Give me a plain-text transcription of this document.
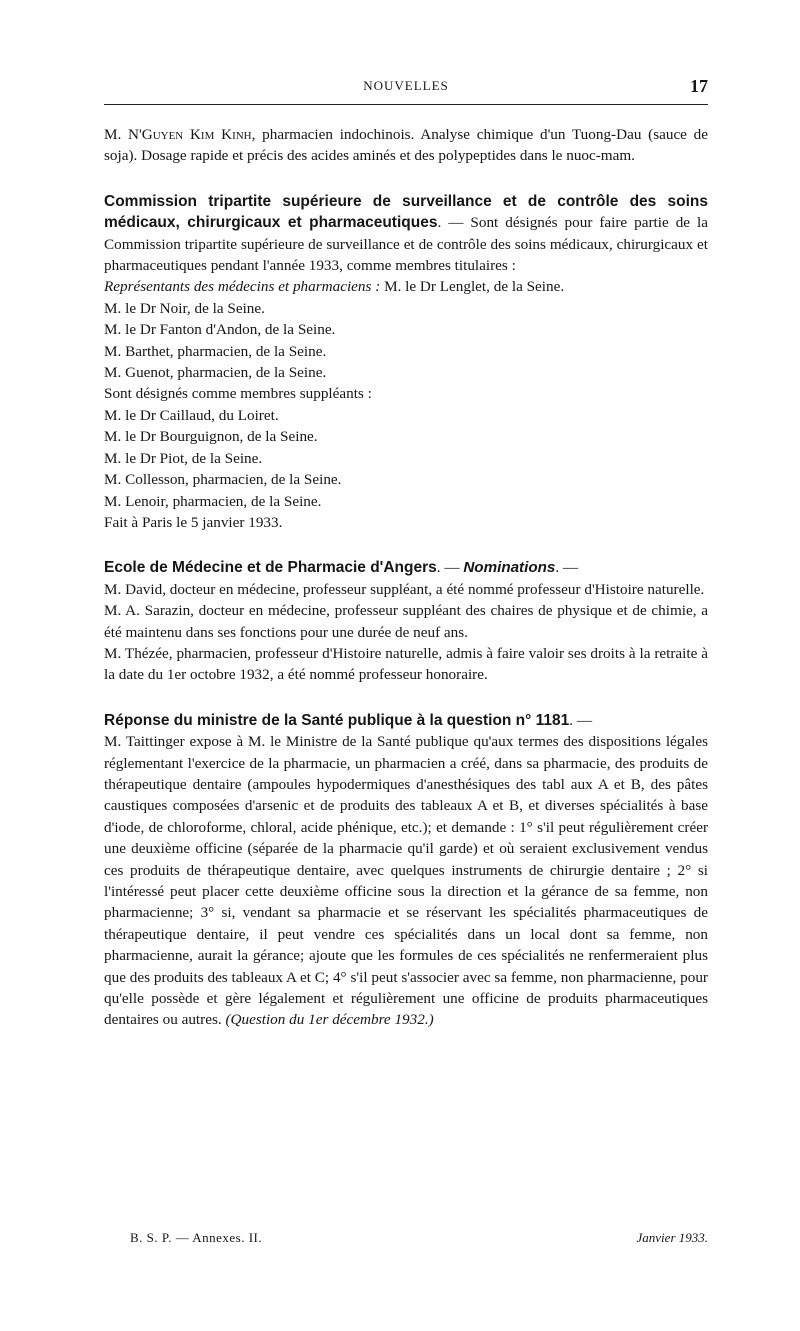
NOUVELLES	17

M. N'Guyen Kim Kinh, pharmacien indochinois. Analyse chimique d'un Tuong-Dau (sauce de soja). Dosage rapide et précis des acides aminés et des polypeptides dans le nuoc-mam.

Commission tripartite supérieure de surveillance et de contrôle des soins médicaux, chirurgicaux et pharmaceutiques. — Sont désignés pour faire partie de la Commission tripartite supérieure de surveillance et de contrôle des soins médicaux, chirurgicaux et pharmaceutiques pendant l'année 1933, comme membres titulaires :

Représentants des médecins et pharmaciens : M. le Dr Lenglet, de la Seine.

M. le Dr Noir, de la Seine.

M. le Dr Fanton d'Andon, de la Seine.

M. Barthet, pharmacien, de la Seine.

M. Guenot, pharmacien, de la Seine.

Sont désignés comme membres suppléants :

M. le Dr Caillaud, du Loiret.

M. le Dr Bourguignon, de la Seine.

M. le Dr Piot, de la Seine.

M. Collesson, pharmacien, de la Seine.

M. Lenoir, pharmacien, de la Seine.

Fait à Paris le 5 janvier 1933.

Ecole de Médecine et de Pharmacie d'Angers. — Nominations. —

M. David, docteur en médecine, professeur suppléant, a été nommé professeur d'Histoire naturelle.

M. A. Sarazin, docteur en médecine, professeur suppléant des chaires de physique et de chimie, a été maintenu dans ses fonctions pour une durée de neuf ans.

M. Thézée, pharmacien, professeur d'Histoire naturelle, admis à faire valoir ses droits à la retraite à la date du 1er octobre 1932, a été nommé professeur honoraire.

Réponse du ministre de la Santé publique à la question n° 1181. —

M. Taittinger expose à M. le Ministre de la Santé publique qu'aux termes des dispositions légales réglementant l'exercice de la pharmacie, un pharmacien a créé, dans sa pharmacie, des produits de thérapeutique dentaire (ampoules hypodermiques d'anesthésiques des tabl aux A et B, des pâtes caustiques composées d'arsenic et de produits des tableaux A et B, et diverses spécialités à base d'iode, de chloroforme, chloral, acide phénique, etc.); et demande : 1° s'il peut régulièrement créer une deuxième officine (séparée de la pharmacie qu'il garde) et où seraient exclusivement vendus ces produits de thérapeutique dentaire, avec quelques instruments de chirurgie dentaire ; 2° si l'intéressé peut placer cette deuxième officine sous la direction et la gérance de sa femme, non pharmacienne; 3° si, vendant sa pharmacie et se réservant les spécialités pharmaceutiques de thérapeutique dentaire, il peut vendre ces spécialités dans un local dont sa femme, non pharmacienne, aurait la gérance; ajoute que les formules de ces spécialités ne renfermeraient plus que des produits des tableaux A et C; 4° s'il peut s'associer avec sa femme, non pharmacienne, pour qu'elle possède et gère légalement et régulièrement une officine de produits pharmaceutiques dentaires ou autres. (Question du 1er décembre 1932.)

B. S. P. — Annexes. II.	Janvier 1933.
